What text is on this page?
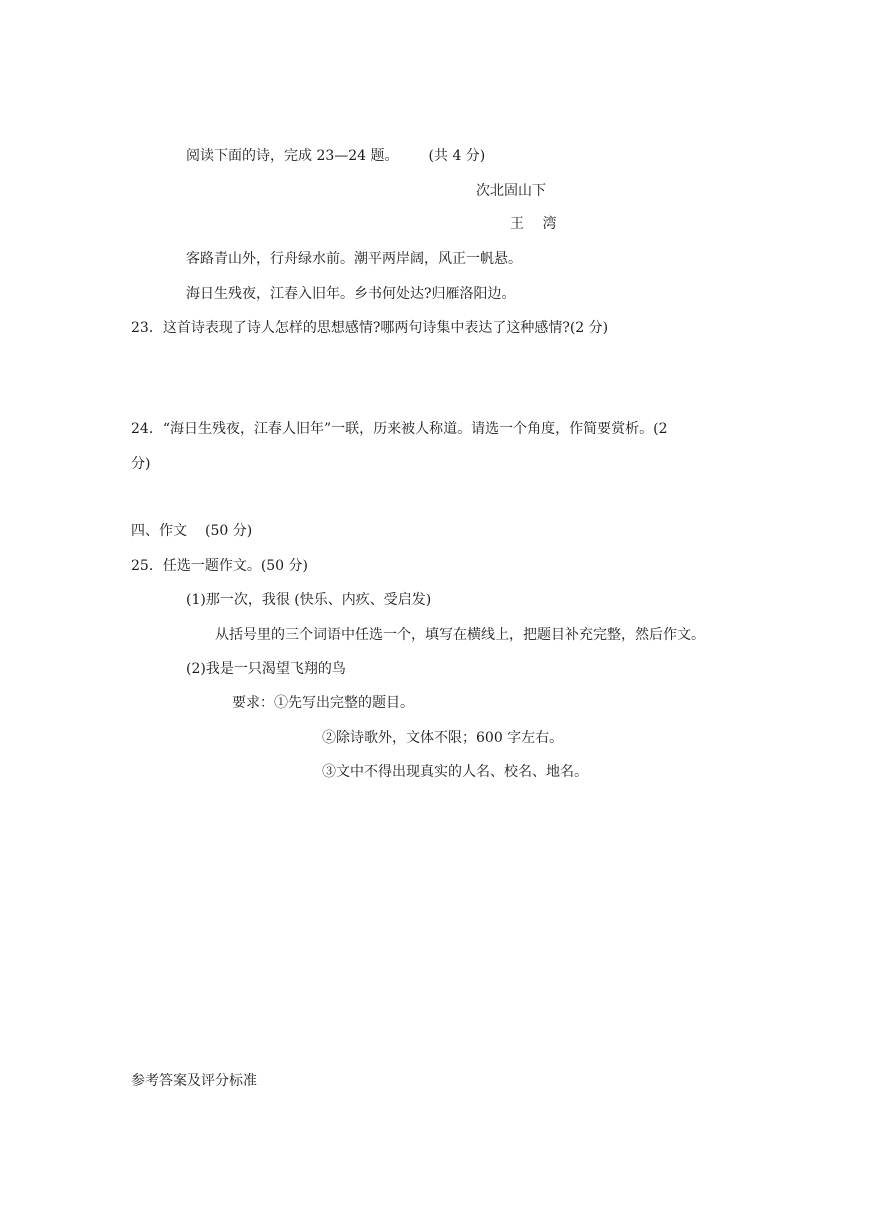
阅读下面的诗，完成 23—24 题。 (共 4 分)
次北固山下
王　 湾
客路青山外，行舟绿水前。潮平两岸阔，风正一帆悬。
海日生残夜，江春入旧年。乡书何处达?归雁洛阳边。
23．这首诗表现了诗人怎样的思想感情?哪两句诗集中表达了这种感情?(2 分)
24．“海日生残夜，江春人旧年”一联，历来被人称道。请选一个角度，作简要赏析。(2
分)
四、作文 (50 分)
25．任选一题作文。(50 分)
(1)那一次，我很 (快乐、内疚、受启发)
从括号里的三个词语中任选一个，填写在横线上，把题目补充完整，然后作文。
(2)我是一只渴望飞翔的鸟
要求：①先写出完整的题目。
②除诗歌外，文体不限；600 字左右。
③文中不得出现真实的人名、校名、地名。
参考答案及评分标准
